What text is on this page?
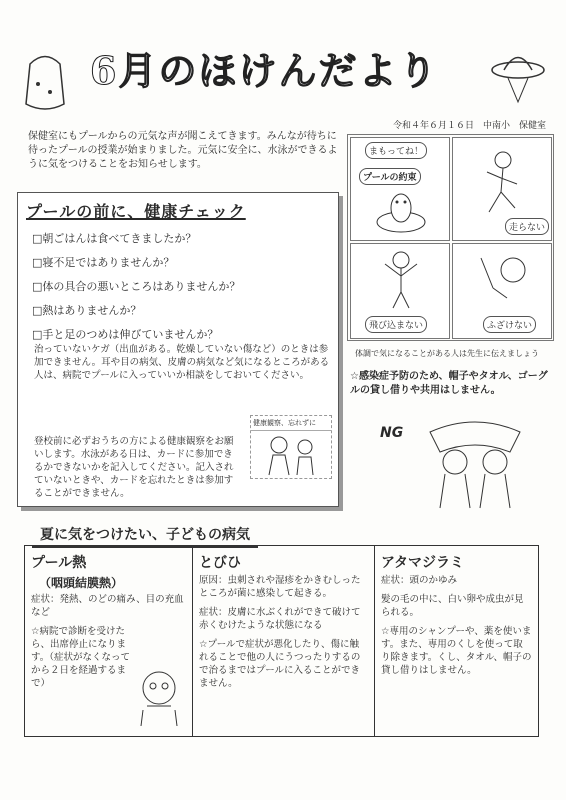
6月のほけんだより
令和４年６月１６日　中南小　保健室
保健室にもプールからの元気な声が聞こえてきます。みんなが待ちに待ったプールの授業が始まりました。元気に安全に、水泳ができるように気をつけることをお知らせします。
プールの前に、健康チェック
□朝ごはんは食べてきましたか？
□寝不足ではありませんか？
□体の具合の悪いところはありませんか？
□熱はありませんか？
□手と足のつめは伸びていませんか？
治っていないケガ（出血がある。乾燥していない傷など）のときは参加できません。耳や目の病気、皮膚の病気など気になるところがある人は、病院でプールに入っていいか相談をしておいてください。
登校前に必ずおうちの方による健康観察をお願いします。水泳がある日は、カードに参加できるかできないかを記入してください。記入されていないときや、カードを忘れたときは参加することができません。
健康観察、忘れずに
まもってね！
プールの約束
走らない
飛び込まない	ふざけない
体調で気になることがある人は先生に伝えましょう
☆感染症予防のため、帽子やタオル、ゴーグルの貸し借りや共用はしません。
NG
夏に気をつけたい、子どもの病気
プール熱
（咽頭結膜熱）

症状：発熱、のどの痛み、目の充血など

☆病院で診断を受けたら、出席停止になります。（症状がなくなってから２日を経過するまで）

とびひ

原因：虫刺されや湿疹をかきむしったところが菌に感染して起きる。

症状：皮膚に水ぶくれができて破けて赤くむけたような状態になる

☆プールで症状が悪化したり、傷に触れることで他の人にうつったりするので治るまではプールに入ることができません。

アタマジラミ

症状：頭のかゆみ

髪の毛の中に、白い卵や成虫が見られる。

☆専用のシャンプーや、薬を使います。また、専用のくしを使って取り除きます。くし、タオル、帽子の貸し借りはしません。
